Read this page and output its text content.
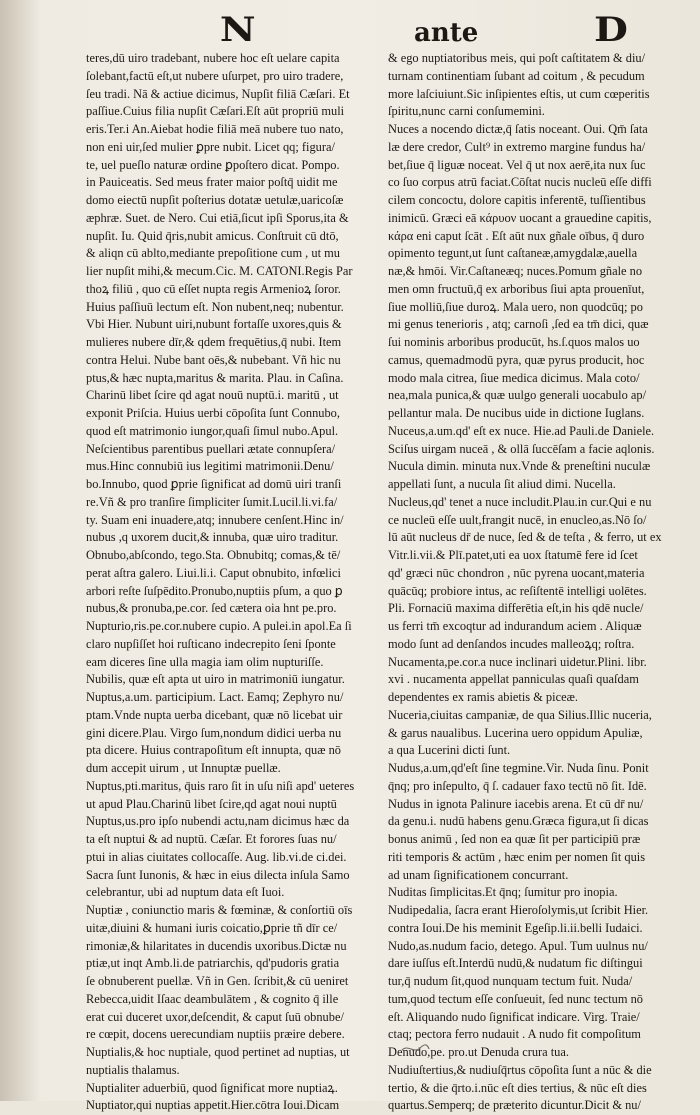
N	ante	D
teres,dū uiro tradebant, nubere hoc eſt uelare capita
ſolebant,factū eſt,ut nubere uſurpet, pro uiro tradere,
ſeu tradi. Nā & actiue dicimus, Nupſit filiā Cæſari. Et
paſſiue.Cuius filia nupſit Cæſari.Eſt aūt propriū muli
eris.Ter.i An.Aiebat hodie filiā meā nubere tuo nato,
non eni uir,ſed mulier ꝑpre nubit. Licet qq; figura/
te, uel pueſlo naturæ ordine ꝑpoſtero dicat. Pompo.
in Pauiceatis. Sed meus frater maior poſtq̄ uidit me
domo eiectū nupſit poſterius dotatæ uetulæ,uaricoſæ
æphræ. Suet. de Nero. Cui etiā,ſicut ipſi Sporus,ita &
nupſit. Iu. Quid q̄ris,nubit amicus. Conſtruit cū dtō,
& aliqn cū ablto,mediante prepoſitione cum , ut mu
lier nupſit mihi,& mecum.Cic. M. CATONI.Regis Par
thoꝝ filiū , quo cū eſſet nupta regis Armenioꝝ ſoror.
Huius paſſiuū lectum eſt. Non nubent,neq; nubentur.
Vbi Hier. Nubunt uiri,nubunt fortaſſe uxores,quis &
mulieres nubere dīr,& qdem frequētius,q̄ nubi. Item
contra Helui. Nube bant oēs,& nubebant. Vñ hic nu
ptus,& hæc nupta,maritus & marita. Plau. in Caſina.
Charinū libet ſcire qd agat nouū nuptū.i. maritū , ut
exponit Priſcia. Huius uerbi cōpoſita ſunt Connubo,
quod eſt matrimonio iungor,quaſi ſimul nubo.Apul.
Neſcientibus parentibus puellari ætate connupſera/
mus.Hinc connubiū ius legitimi matrimonii.Denu/
bo.Innubo, quod ꝑprie ſignificat ad domū uiri tranſi
re.Vñ & pro tranſire ſimpliciter ſumit.Lucil.li.vi.fa/
ty. Suam eni inuadere,atq; innubere cenſent.Hinc in/
nubus ,q uxorem ducit,& innuba, quæ uiro traditur.
Obnubo,abſcondo, tego.Sta. Obnubitq; comas,& tē/
perat aſtra galero. Liui.li.i. Caput obnubito, infœlici
arbori reſte ſuſpēdito.Pronubo,nuptiis pſum, a quo ꝑ
nubus,& pronuba,pe.cor. ſed cætera oia hnt pe.pro.
Nupturio,ris.pe.cor.nubere cupio. A pulei.in apol.Ea ſi
claro nupſiſſet hoi ruſticano indecrepito ſeni ſponte
eam diceres ſine ulla magia iam olim nupturiſſe.
Nubilis, quæ eſt apta ut uiro in matrimoniū iungatur.
Nuptus,a.um. participium. Lact. Eamq; Zephyro nu/
ptam.Vnde nupta uerba dicebant, quæ nō licebat uir
gini dicere.Plau. Virgo ſum,nondum didici uerba nu
pta dicere. Huius contrapoſitum eſt innupta, quæ nō
dum accepit uirum , ut Innuptæ puellæ.
Nuptus,pti.maritus, q̄uis raro ſit in uſu niſi apd' ueteres
ut apud Plau.Charinū libet ſcire,qd agat noui nuptū
Nuptus,us.pro ipſo nubendi actu,nam dicimus hæc da
ta eſt nuptui & ad nuptū. Cæſar. Et forores ſuas nu/
ptui in alias ciuitates collocaſſe. Aug. lib.vi.de ci.dei.
Sacra ſunt Iunonis, & hæc in eius dilecta inſula Samo
celebrantur, ubi ad nuptum data eſt Iuoi.
Nuptiæ , coniunctio maris & fœminæ, & conſortiū oīs
uitæ,diuini & humani iuris coicatio,ꝑprie tñ dīr ce/
rimoniæ,& hilaritates in ducendis uxoribus.Dictæ nu
ptiæ,ut inqt Amb.li.de patriarchis, qd'pudoris gratia
ſe obnuberent puellæ. Vñ in Gen. ſcribit,& cū ueniret
Rebecca,uidit Iſaac deambulātem , & cognito q̄ ille
erat cui duceret uxor,deſcendit, & caput ſuū obnube/
re cœpit, docens uerecundiam nuptiis præire debere.
Nuptialis,& hoc nuptiale, quod pertinet ad nuptias, ut
nuptialis thalamus.
Nuptialiter aduerbiū, quod ſignificat more nuptiaꝝ.
Nuptiator,qui nuptias appetit.Hier.cōtra Ioui.Dicam
& ego nuptiatoribus meis, qui poſt caſtitatem & diu/
turnam continentiam ſubant ad coitum , & pecudum
more laſciuiunt.Sic inſipientes eſtis, ut cum cœperitis
ſpiritu,nunc carni conſumemini.
Nuces a nocendo dictæ,q̄ ſatis noceant. Oui. Qm̄ ſata
læ dere credor, Cult⁹ in extremo margine fundus ha/
bet,ſiue q̄ liguæ noceat. Vel q̄ ut nox aerē,ita nux ſuc
co ſuo corpus atrū faciat.Cōſtat nucis nucleū eſſe diffi
cilem concoctu, dolore capitis inferentē, tuſſientibus
inimicū. Græci eā κάρυον uocant a grauedine capitis,
κάρα eni caput ſcāt . Eſt aūt nux gñale oībus, q̄ duro
opimento tegunt,ut ſunt caſtaneæ,amygdalæ,auella
næ,& hmōi. Vir.Caſtaneæq; nuces.Pomum gñale no
men omn fructuū,q̄ ex arboribus ſiui apta prouenīut,
ſiue molliū,ſiue duroꝝ. Mala uero, non quodcūq; po
mi genus tenerioris , atq; carnoſi ,ſed ea tm̄ dici, quæ
ſui nominis arboribus producūt, hs.ſ.quos malos uo
camus, quemadmodū pyra, quæ pyrus producit, hoc
modo mala citrea, ſiue medica dicimus. Mala coto/
nea,mala punica,& quæ uulgo generali uocabulo ap/
pellantur mala. De nucibus uide in dictione Iuglans.
Nuceus,a.um.qd' eſt ex nuce. Hie.ad Pauli.de Daniele.
Sciſus uirgam nuceā , & ollā ſuccēſam a facie aqlonis.
Nucula dimin. minuta nux.Vnde & preneſtini nuculæ
appellati ſunt, a nucula ſit aliud dimi. Nucella.
Nucleus,qd' tenet a nuce includit.Plau.in cur.Qui e nu
ce nucleū eſſe uult,frangit nucē, in enucleo,as.Nō ſo/
lū aūt nucleus dr̄ de nuce, ſed & de teſta , & ferro, ut ex
Vitr.li.vii.& Plī.patet,uti ea uox ſtatumē fere id ſcet
qd' græci nūc chondron , nūc pyrena uocant,materia
quācūq; probiore intus, ac reſiſtentē intelligi uolētes.
Pli. Fornaciū maxima differētia eſt,in his qdē nucle/
us ferri tm̄ excoqtur ad indurandum aciem . Aliquæ
modo ſunt ad denſandos incudes malleoꝝq; roſtra.
Nucamenta,pe.cor.a nuce inclinari uidetur.Plini. libr.
xvi . nucamenta appellat panniculas quaſi quaſdam
dependentes ex ramis abietis & piceæ.
Nuceria,ciuitas campaniæ, de qua Silius.Illic nuceria,
& garus naualibus. Lucerina uero oppidum Apuliæ,
a qua Lucerini dicti ſunt.
Nudus,a.um,qd'eſt ſine tegmine.Vir. Nuda ſinu. Ponit
q̄nq; pro inſepulto, q̄ ſ. cadauer faxo tectū nō ſit. Idē.
Nudus in ignota Palinure iacebis arena. Et cū dr̄ nu/
da genu.i. nudū habens genu.Græca figura,ut ſi dicas
bonus animū , ſed non ea quæ ſit per participiū præ
riti temporis & actūm , hæc enim per nomen ſit quis
ad unam ſignificationem concurrant.
Nuditas ſimplicitas.Et q̄nq; ſumitur pro inopia.
Nudipedalia, ſacra erant Hieroſolymis,ut ſcribit Hier.
contra Ioui.De his meminit Egeſip.li.ii.belli Iudaici.
Nudo,as.nudum facio, detego. Apul. Tum uulnus nu/
dare iuſſus eſt.Interdū nudū,& nudatum fic diſtingui
tur,q̄ nudum ſit,quod nunquam tectum fuit. Nuda/
tum,quod tectum eſſe conſueuit, ſed nunc tectum nō
eſt. Aliquando nudo ſignificat indicare. Virg. Traie/
ctaq; pectora ferro nudauit . A nudo fit compoſitum
Denudo,pe. pro.ut Denuda crura tua.
Nudiuſtertius,& nudiuſq̄rtus cōpoſita ſunt a nūc & die
tertio, & die q̄rto.i.nūc eſt dies tertius, & nūc eſt dies
quartus.Semperq; de præterito dicuntur.Dicit & nu/
